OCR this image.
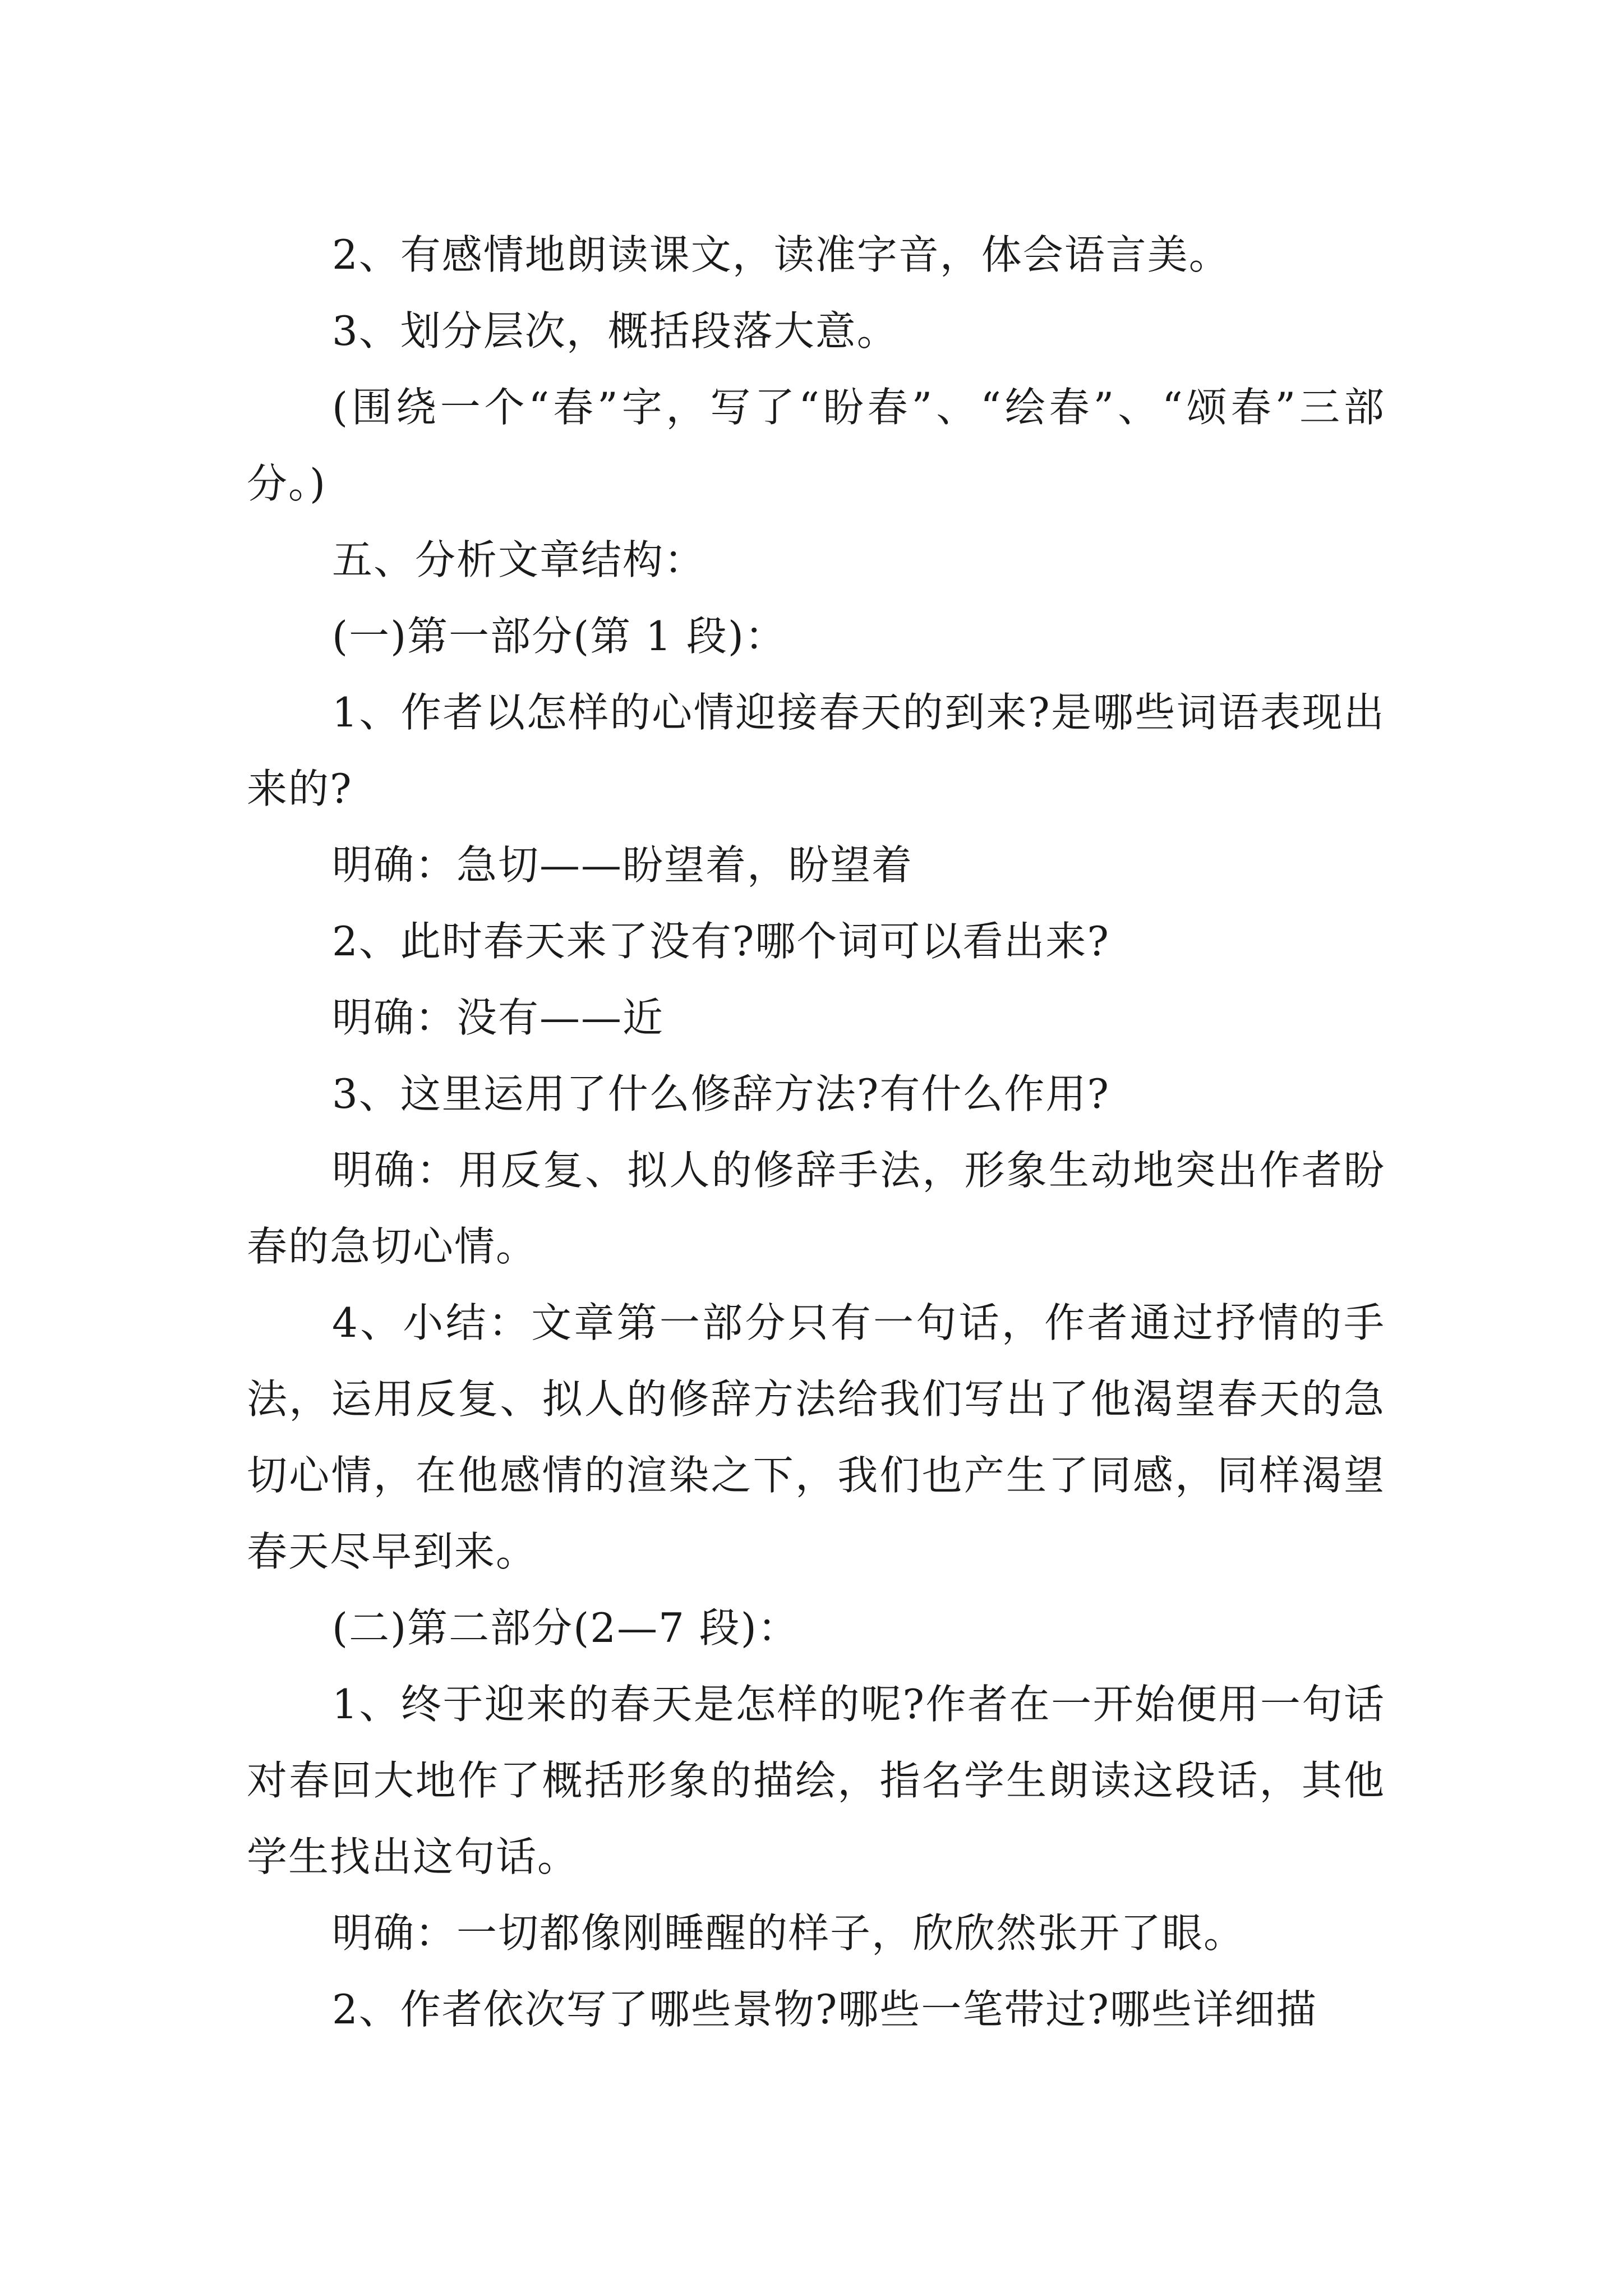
2、有感情地朗读课文，读准字音，体会语言美。

3、划分层次，概括段落大意。

(围绕一个“春”字，写了“盼春”、“绘春”、“颂春”三部分。)

五、分析文章结构：

(一)第一部分(第 1 段)：

1、作者以怎样的心情迎接春天的到来?是哪些词语表现出来的?

明确：急切——盼望着，盼望着

2、此时春天来了没有?哪个词可以看出来?

明确：没有——近

3、这里运用了什么修辞方法?有什么作用?

明确：用反复、拟人的修辞手法，形象生动地突出作者盼春的急切心情。

4、小结：文章第一部分只有一句话，作者通过抒情的手法，运用反复、拟人的修辞方法给我们写出了他渴望春天的急切心情，在他感情的渲染之下，我们也产生了同感，同样渴望春天尽早到来。

(二)第二部分(2—7 段)：

1、终于迎来的春天是怎样的呢?作者在一开始便用一句话对春回大地作了概括形象的描绘，指名学生朗读这段话，其他学生找出这句话。

明确：一切都像刚睡醒的样子，欣欣然张开了眼。

2、作者依次写了哪些景物?哪些一笔带过?哪些详细描
